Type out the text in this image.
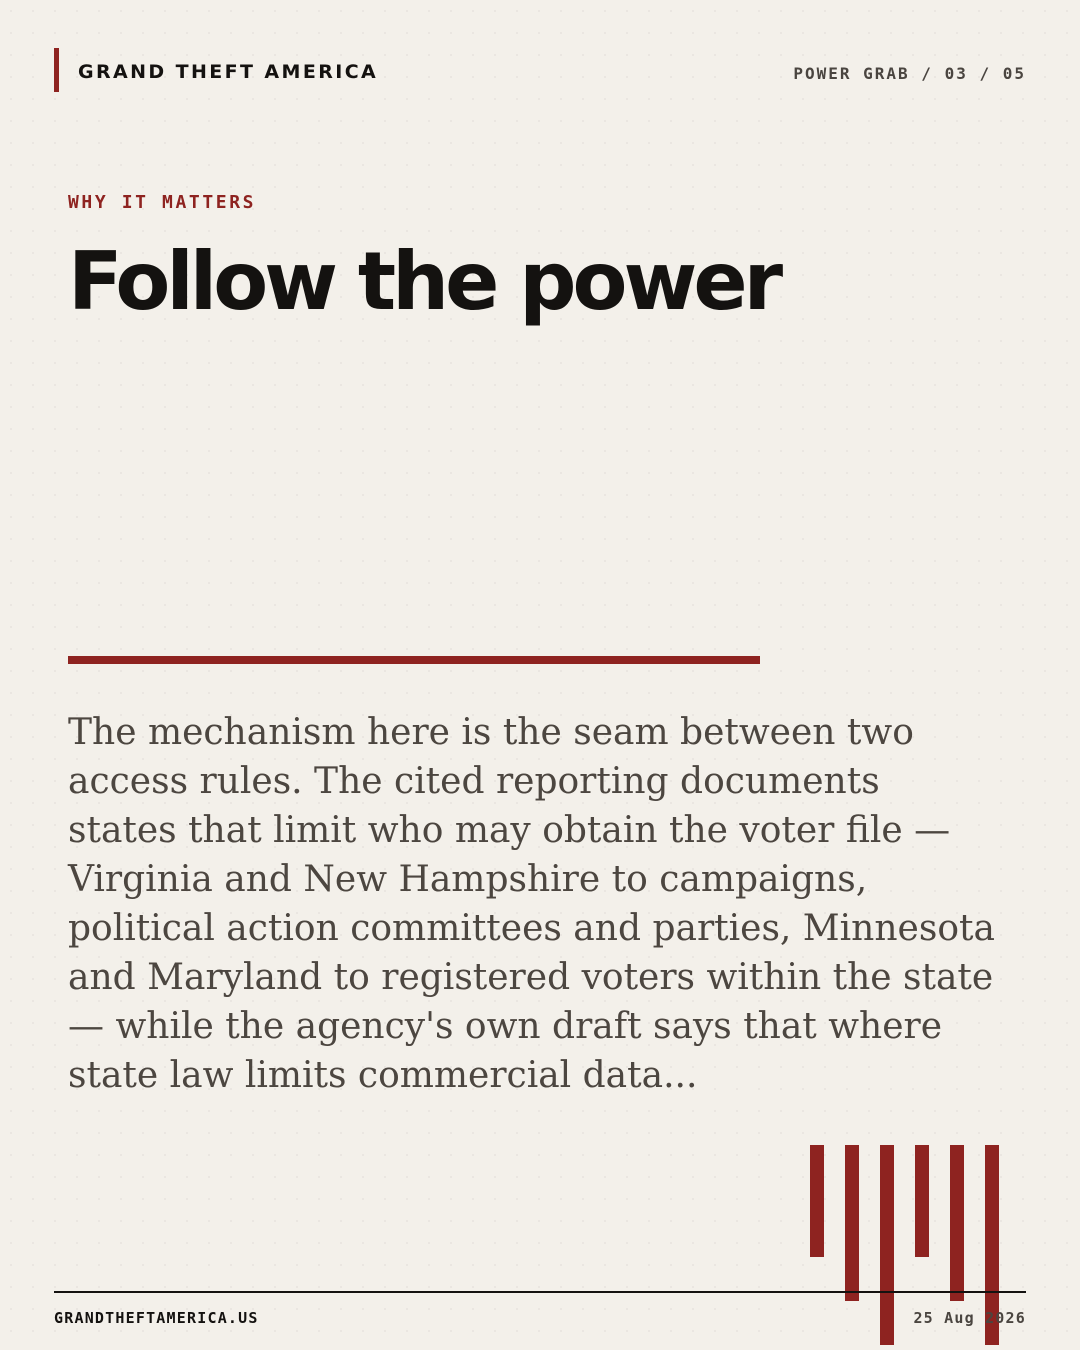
GRAND THEFT AMERICA	POWER GRAB / 03 / 05
WHY IT MATTERS
Follow the power

The mechanism here is the seam between two access rules. The cited reporting documents states that limit who may obtain the voter file — Virginia and New Hampshire to campaigns, political action committees and parties, Minnesota and Maryland to registered voters within the state — while the agency's own draft says that where state law limits commercial data...

GRANDTHEFTAMERICA.US	25 Aug 2026
